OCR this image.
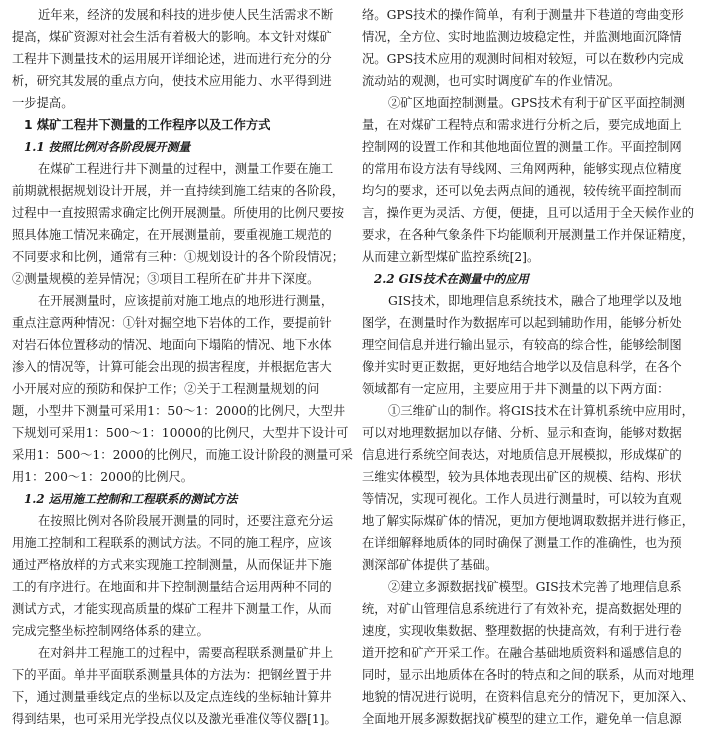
近年来，经济的发展和科技的进步使人民生活需求不断
提高，煤矿资源对社会生活有着极大的影响。本文针对煤矿
工程井下测量技术的运用展开详细论述，进而进行充分的分
析，研究其发展的重点方向，使技术应用能力、水平得到进
一步提高。
1 煤矿工程井下测量的工作程序以及工作方式
1.1 按照比例对各阶段展开测量
在煤矿工程进行井下测量的过程中，测量工作要在施工
前期就根据规划设计开展，并一直持续到施工结束的各阶段，
过程中一直按照需求确定比例开展测量。所使用的比例尺要按
照具体施工情况来确定，在开展测量前，要重视施工规范的
不同要求和比例，通常有三种：①规划设计的各个阶段情况；
②测量规模的差异情况；③项目工程所在矿井井下深度。
在开展测量时，应该提前对施工地点的地形进行测量，
重点注意两种情况：①针对掘空地下岩体的工作，要提前针
对岩石体位置移动的情况、地面向下塌陷的情况、地下水体
渗入的情况等，计算可能会出现的损害程度，并根据危害大
小开展对应的预防和保护工作；②关于工程测量规划的问
题，小型井下测量可采用1：50～1：2000的比例尺，大型井
下规划可采用1：500～1：10000的比例尺，大型井下设计可
采用1：500～1：2000的比例尺，而施工设计阶段的测量可采
用1：200～1：2000的比例尺。
1.2 运用施工控制和工程联系的测试方法
在按照比例对各阶段展开测量的同时，还要注意充分运
用施工控制和工程联系的测试方法。不同的施工程序，应该
通过严格放样的方式来实现施工控制测量，从而保证井下施
工的有序进行。在地面和井下控制测量结合运用两种不同的
测试方式，才能实现高质量的煤矿工程井下测量工作，从而
完成完整坐标控制网络体系的建立。
在对斜井工程施工的过程中，需要高程联系测量矿井上
下的平面。单井平面联系测量具体的方法为：把钢丝置于井
下，通过测量垂线定点的坐标以及定点连线的坐标轴计算井
得到结果，也可采用光学投点仪以及激光垂准仪等仪器[1]。
络。GPS技术的操作简单，有利于测量井下巷道的弯曲变形
情况，全方位、实时地监测边坡稳定性，并监测地面沉降情
况。GPS技术应用的观测时间相对较短，可以在数秒内完成
流动站的观测，也可实时调度矿车的作业情况。
②矿区地面控制测量。GPS技术有利于矿区平面控制测
量，在对煤矿工程特点和需求进行分析之后，要完成地面上
控制网的设置工作和其他地面位置的测量工作。平面控制网
的常用布设方法有导线网、三角网两种，能够实现点位精度
均匀的要求，还可以免去两点间的通视，较传统平面控制而
言，操作更为灵活、方便，便捷，且可以适用于全天候作业的
要求，在各种气象条件下均能顺利开展测量工作并保证精度，
从而建立新型煤矿监控系统[2]。
2.2 GIS技术在测量中的应用
GIS技术，即地理信息系统技术，融合了地理学以及地
图学，在测量时作为数据库可以起到辅助作用，能够分析处
理空间信息并进行输出显示，有较高的综合性，能够绘制图
像并实时更正数据，更好地结合地学以及信息科学，在各个
领域都有一定应用，主要应用于井下测量的以下两方面：
①三维矿山的制作。将GIS技术在计算机系统中应用时，
可以对地理数据加以存储、分析、显示和查询，能够对数据
信息进行系统空间表达，对地质信息开展模拟，形成煤矿的
三维实体模型，较为具体地表现出矿区的规模、结构、形状
等情况，实现可视化。工作人员进行测量时，可以较为直观
地了解实际煤矿体的情况，更加方便地调取数据并进行修正，
在详细解释地质体的同时确保了测量工作的准确性，也为预
测深部矿体提供了基础。
②建立多源数据找矿模型。GIS技术完善了地理信息系
统，对矿山管理信息系统进行了有效补充，提高数据处理的
速度，实现收集数据、整理数据的快捷高效，有利于进行卷
道开挖和矿产开采工作。在融合基础地质资料和遥感信息的
同时，显示出地质体在各时的特点和之间的联系，从而对地理
地貌的情况进行说明，在资料信息充分的情况下，更加深入、
全面地开展多源数据找矿模型的建立工作，避免单一信息源
